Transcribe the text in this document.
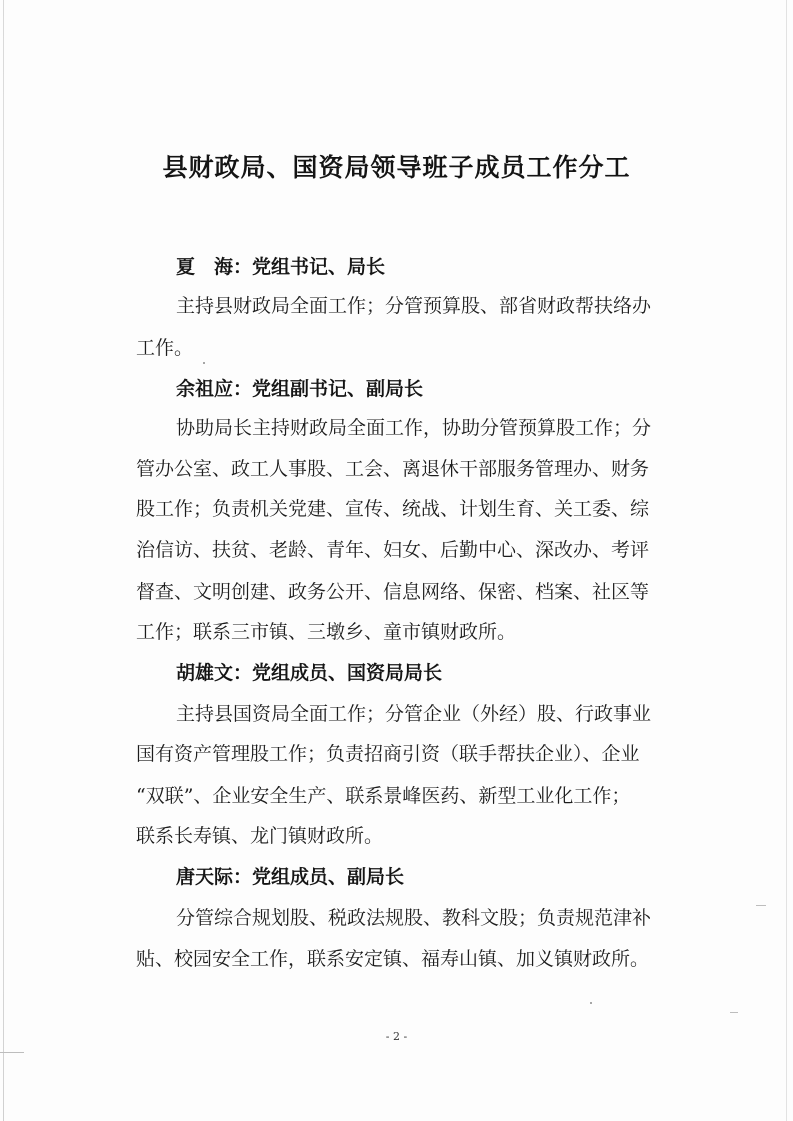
县财政局、国资局领导班子成员工作分工
夏　海：党组书记、局长
主持县财政局全面工作；分管预算股、部省财政帮扶络办
工作。
余祖应：党组副书记、副局长
协助局长主持财政局全面工作，协助分管预算股工作；分
管办公室、政工人事股、工会、离退休干部服务管理办、财务
股工作；负责机关党建、宣传、统战、计划生育、关工委、综
治信访、扶贫、老龄、青年、妇女、后勤中心、深改办、考评
督查、文明创建、政务公开、信息网络、保密、档案、社区等
工作；联系三市镇、三墩乡、童市镇财政所。
胡雄文：党组成员、国资局局长
主持县国资局全面工作；分管企业（外经）股、行政事业
国有资产管理股工作；负责招商引资（联手帮扶企业）、企业
“双联”、企业安全生产、联系景峰医药、新型工业化工作；
联系长寿镇、龙门镇财政所。
唐天际：党组成员、副局长
分管综合规划股、税政法规股、教科文股；负责规范津补
贴、校园安全工作，联系安定镇、福寿山镇、加义镇财政所。
- 2 -
